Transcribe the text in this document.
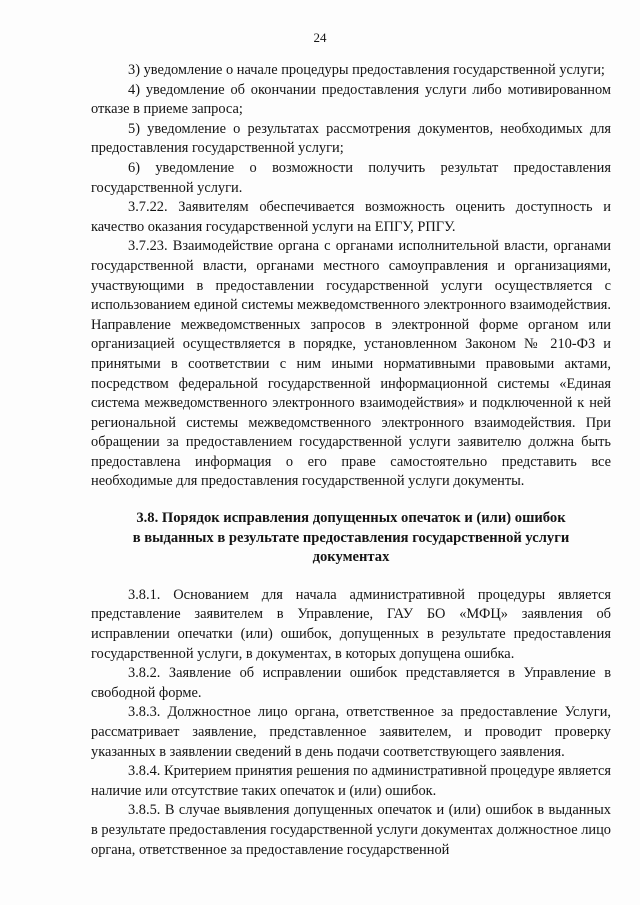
24

3) уведомление о начале процедуры предоставления государственной услуги;

4) уведомление об окончании предоставления услуги либо мотивированном отказе в приеме запроса;

5) уведомление о результатах рассмотрения документов, необходимых для предоставления государственной услуги;

6) уведомление о возможности получить результат предоставления государственной услуги.

3.7.22. Заявителям обеспечивается возможность оценить доступность и качество оказания государственной услуги на ЕПГУ, РПГУ.

3.7.23. Взаимодействие органа с органами исполнительной власти, органами государственной власти, органами местного самоуправления и организациями, участвующими в предоставлении государственной услуги осуществляется с использованием единой системы межведомственного электронного взаимодействия. Направление межведомственных запросов в электронной форме органом или организацией осуществляется в порядке, установленном Законом № 210-ФЗ и принятыми в соответствии с ним иными нормативными правовыми актами, посредством федеральной государственной информационной системы «Единая система межведомственного электронного взаимодействия» и подключенной к ней региональной системы межведомственного электронного взаимодействия. При обращении за предоставлением государственной услуги заявителю должна быть предоставлена информация о его праве самостоятельно представить все необходимые для предоставления государственной услуги документы.

3.8. Порядок исправления допущенных опечаток и (или) ошибок
в выданных в результате предоставления государственной услуги
документах

3.8.1. Основанием для начала административной процедуры является представление заявителем в Управление, ГАУ БО «МФЦ» заявления об исправлении опечатки (или) ошибок, допущенных в результате предоставления государственной услуги, в документах, в которых допущена ошибка.

3.8.2. Заявление об исправлении ошибок представляется в Управление в свободной форме.

3.8.3. Должностное лицо органа, ответственное за предоставление Услуги, рассматривает заявление, представленное заявителем, и проводит проверку указанных в заявлении сведений в день подачи соответствующего заявления.

3.8.4. Критерием принятия решения по административной процедуре является наличие или отсутствие таких опечаток и (или) ошибок.

3.8.5. В случае выявления допущенных опечаток и (или) ошибок в выданных в результате предоставления государственной услуги документах должностное лицо органа, ответственное за предоставление государственной
